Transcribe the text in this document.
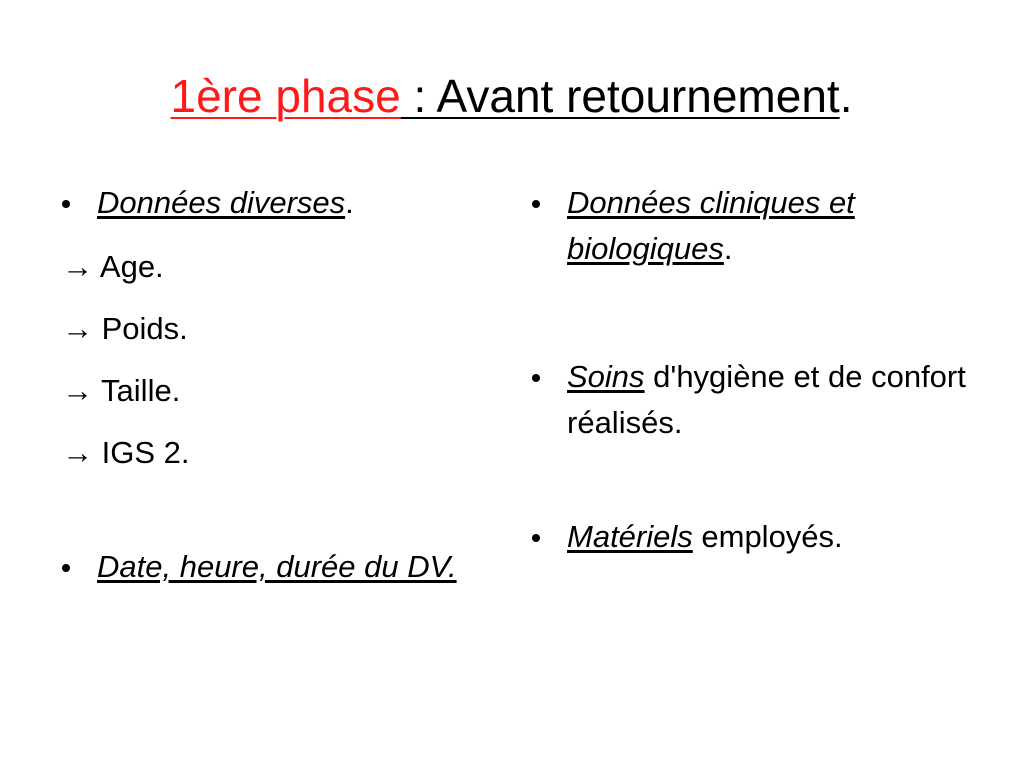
1ère phase : Avant retournement.
Données diverses.
→ Age.
→ Poids.
→ Taille.
→ IGS 2.
Date, heure, durée du DV.
Données cliniques et biologiques.
Soins d'hygiène et de confort réalisés.
Matériels employés.
